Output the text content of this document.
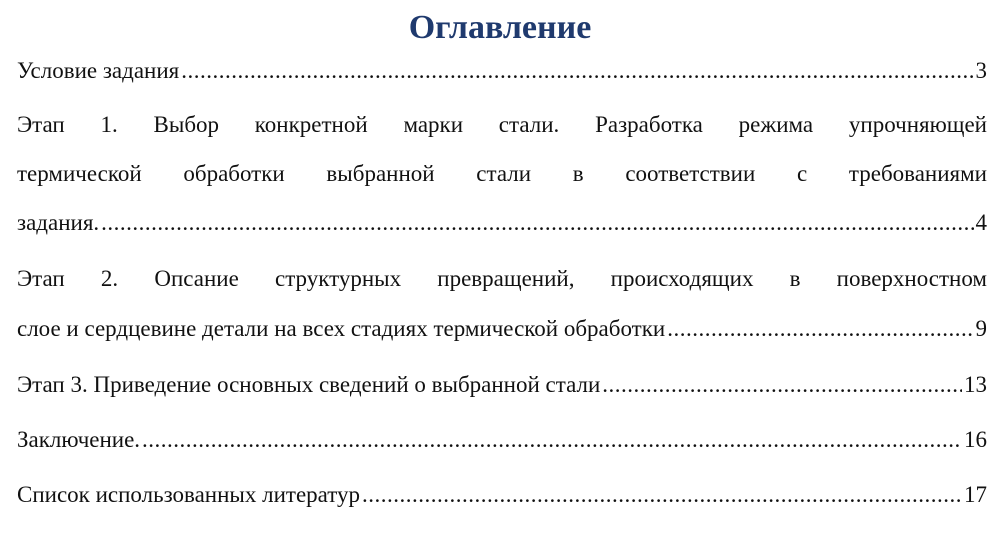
Оглавление
Условие задания .....	3
Этап 1. Выбор конкретной марки стали. Разработка режима упрочняющей
термической обработки выбранной стали в соответствии с требованиями
задания. .....	4
Этап 2. Опсание структурных превращений, происходящих в поверхностном
слое и сердцевине детали на всех стадиях термической обработки .....	9
Этап 3. Приведение основных сведений о выбранной стали .....	13
Заключение. .....	16
Список использованных литератур .....	17
